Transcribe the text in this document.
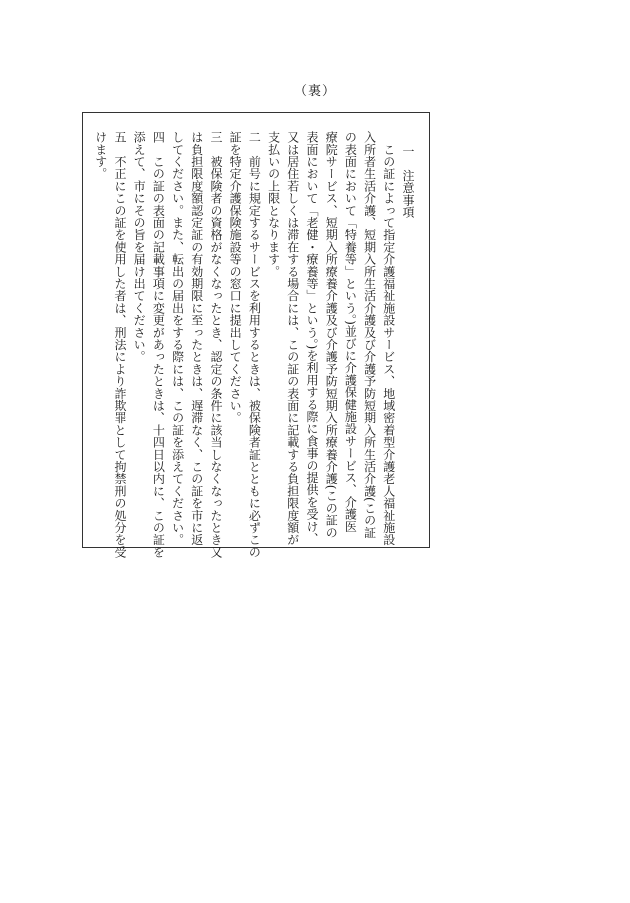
（裏）
一　注意事項
　この証によって指定介護福祉施設サービス、地域密着型介護老人福祉施設
入所者生活介護、短期入所生活介護及び介護予防短期入所生活介護(この証
の表面において「特養等」という。)並びに介護保健施設サービス、介護医
療院サービス、短期入所療養介護及び介護予防短期入所療養介護(この証の
表面において「老健・療養等」という。)を利用する際に食事の提供を受け、
又は居住若しくは滞在する場合には、この証の表面に記載する負担限度額が
支払いの上限となります。
二　前号に規定するサービスを利用するときは、被保険者証とともに必ずこの
証を特定介護保険施設等の窓口に提出してください。
三　被保険者の資格がなくなったとき、認定の条件に該当しなくなったとき又
は負担限度額認定証の有効期限に至ったときは、遅滞なく、この証を市に返
してください。また、転出の届出をする際には、この証を添えてください。
四　この証の表面の記載事項に変更があったときは、十四日以内に、この証を
添えて、市にその旨を届け出てください。
五　不正にこの証を使用した者は、刑法により詐欺罪として拘禁刑の処分を受
けます。
